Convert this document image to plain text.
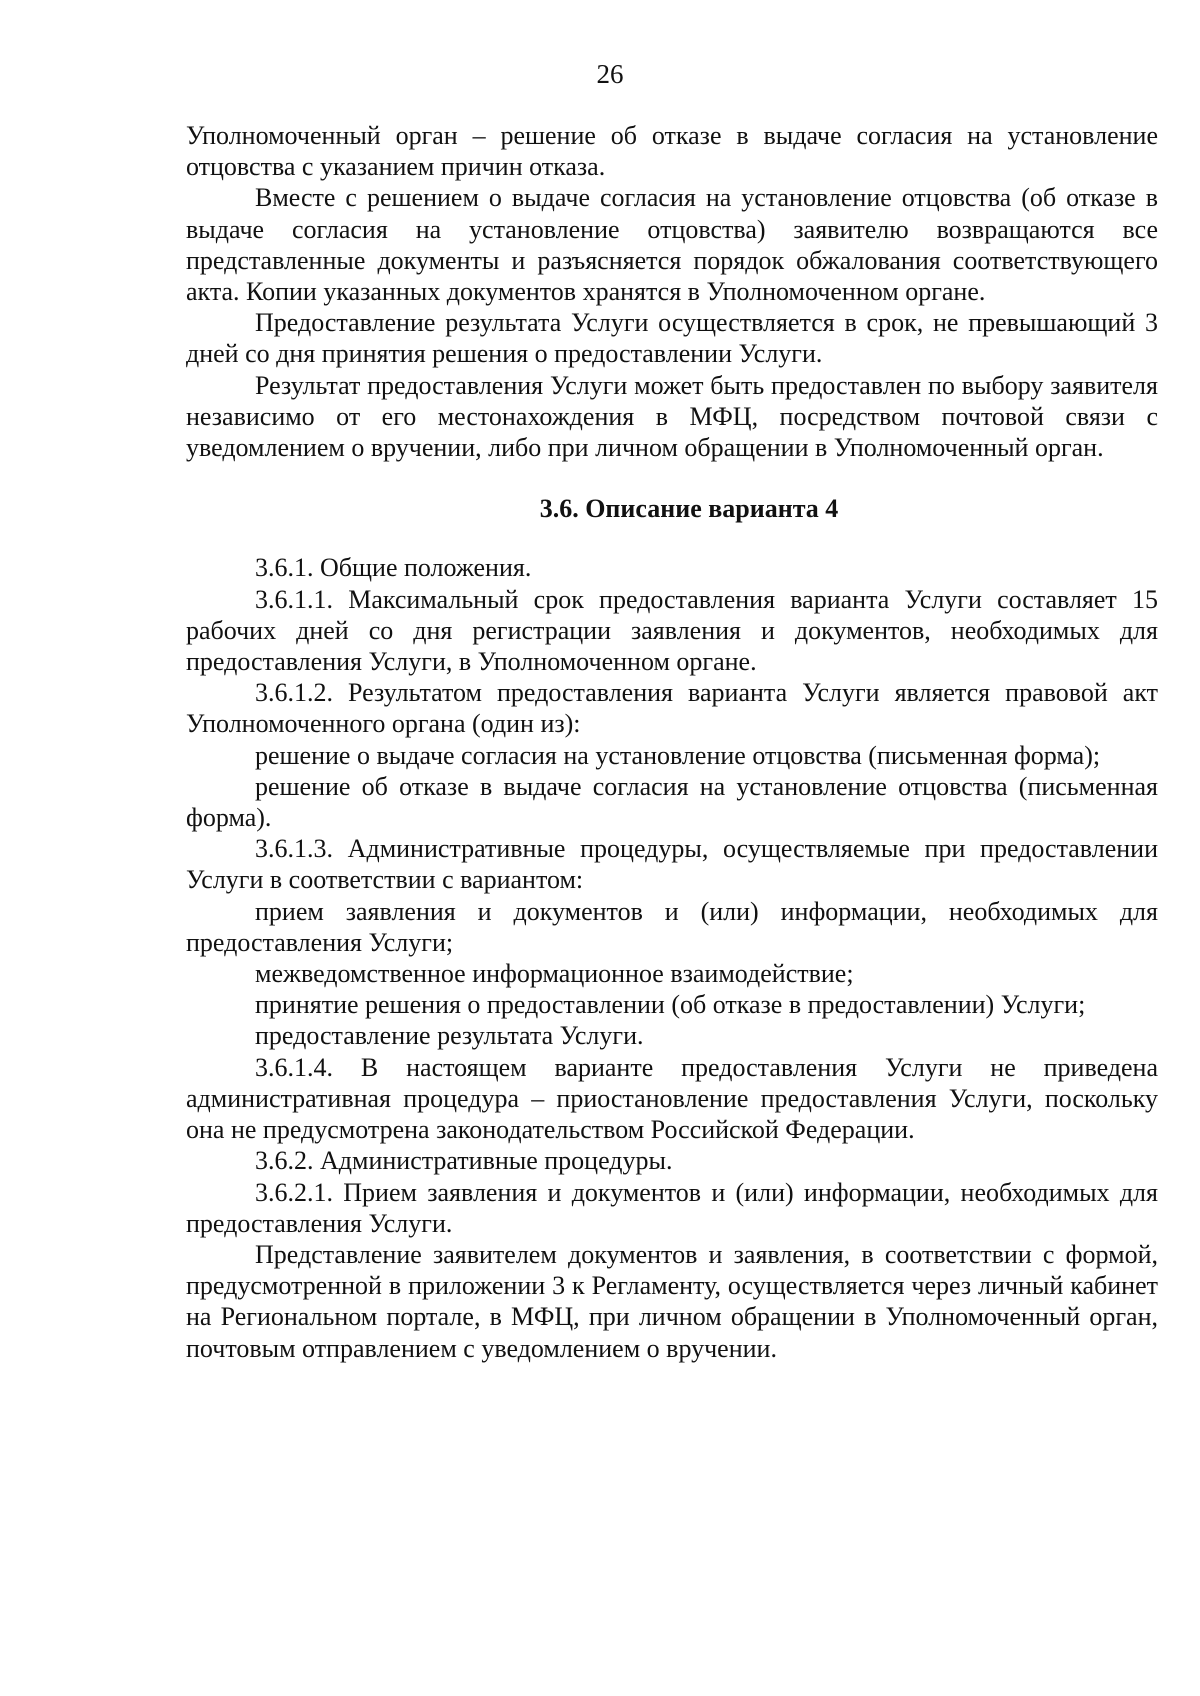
26

Уполномоченный орган – решение об отказе в выдаче согласия на установление отцовства с указанием причин отказа.

Вместе с решением о выдаче согласия на установление отцовства (об отказе в выдаче согласия на установление отцовства) заявителю возвращаются все представленные документы и разъясняется порядок обжалования соответствующего акта. Копии указанных документов хранятся в Уполномоченном органе.

Предоставление результата Услуги осуществляется в срок, не превышающий 3 дней со дня принятия решения о предоставлении Услуги.

Результат предоставления Услуги может быть предоставлен по выбору заявителя независимо от его местонахождения в МФЦ, посредством почтовой связи с уведомлением о вручении, либо при личном обращении в Уполномоченный орган.

3.6. Описание варианта 4

3.6.1. Общие положения.

3.6.1.1. Максимальный срок предоставления варианта Услуги составляет 15 рабочих дней со дня регистрации заявления и документов, необходимых для предоставления Услуги, в Уполномоченном органе.

3.6.1.2. Результатом предоставления варианта Услуги является правовой акт Уполномоченного органа (один из):

решение о выдаче согласия на установление отцовства (письменная форма);

решение об отказе в выдаче согласия на установление отцовства (письменная форма).

3.6.1.3. Административные процедуры, осуществляемые при предоставлении Услуги в соответствии с вариантом:

прием заявления и документов и (или) информации, необходимых для предоставления Услуги;

межведомственное информационное взаимодействие;

принятие решения о предоставлении (об отказе в предоставлении) Услуги;

предоставление результата Услуги.

3.6.1.4. В настоящем варианте предоставления Услуги не приведена административная процедура – приостановление предоставления Услуги, поскольку она не предусмотрена законодательством Российской Федерации.

3.6.2. Административные процедуры.

3.6.2.1. Прием заявления и документов и (или) информации, необходимых для предоставления Услуги.

Представление заявителем документов и заявления, в соответствии с формой, предусмотренной в приложении 3 к Регламенту, осуществляется через личный кабинет на Региональном портале, в МФЦ, при личном обращении в Уполномоченный орган, почтовым отправлением с уведомлением о вручении.
